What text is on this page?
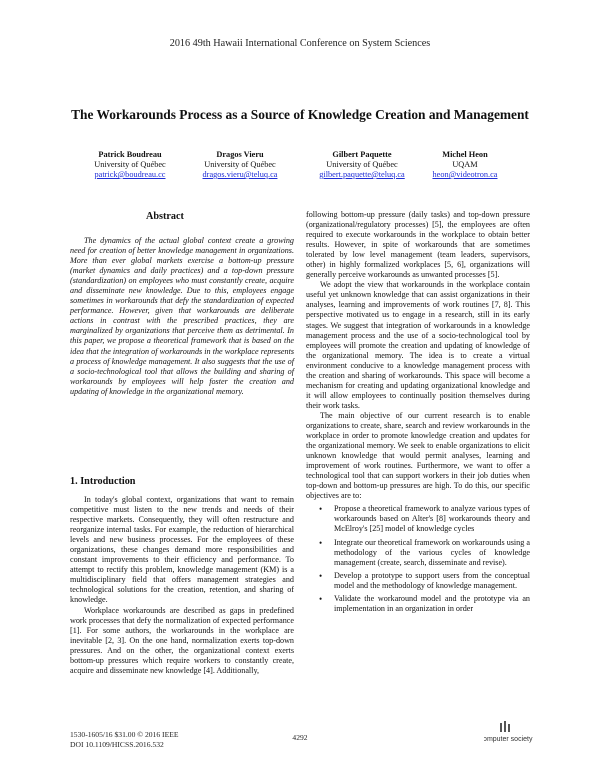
2016 49th Hawaii International Conference on System Sciences
The Workarounds Process as a Source of Knowledge Creation and Management
Patrick Boudreau
University of Québec
patrick@boudreau.cc
Dragos Vieru
University of Québec
dragos.vieru@teluq.ca
Gilbert Paquette
University of Québec
gilbert.paquette@teluq.ca
Michel Heon
UQAM
heon@videotron.ca
Abstract

The dynamics of the actual global context create a growing need for creation of better knowledge management in organizations. More than ever global markets exercise a bottom-up pressure (market dynamics and daily practices) and a top-down pressure (standardization) on employees who must constantly create, acquire and disseminate new knowledge. Due to this, employees engage sometimes in workarounds that defy the standardization of expected performance. However, given that workarounds are deliberate actions in contrast with the prescribed practices, they are marginalized by organizations that perceive them as detrimental. In this paper, we propose a theoretical framework that is based on the idea that the integration of workarounds in the workplace represents a process of knowledge management. It also suggests that the use of a socio-technological tool that allows the building and sharing of workarounds by employees will help foster the creation and updating of knowledge in the organizational memory.

1. Introduction

In today's global context, organizations that want to remain competitive must listen to the new trends and needs of their respective markets. Consequently, they will often restructure and reorganize internal tasks. For example, the reduction of hierarchical levels and new business processes. For the employees of these organizations, these changes demand more responsibilities and constant improvements to their efficiency and performance. To attempt to rectify this problem, knowledge management (KM) is a multidisciplinary field that offers management strategies and technological solutions for the creation, retention, and sharing of knowledge.

Workplace workarounds are described as gaps in predefined work processes that defy the normalization of expected performance [1]. For some authors, the workarounds in the workplace are inevitable [2, 3]. On the one hand, normalization exerts top-down pressures. And on the other, the organizational context exerts bottom-up pressures which require workers to constantly create, acquire and disseminate new knowledge [4]. Additionally,

following bottom-up pressure (daily tasks) and top-down pressure (organizational/regulatory processes) [5], the employees are often required to execute workarounds in the workplace to obtain better results. However, in spite of workarounds that are sometimes tolerated by low level management (team leaders, supervisors, other) in highly formalized workplaces [5, 6], organizations will generally perceive workarounds as unwanted processes [5].

We adopt the view that workarounds in the workplace contain useful yet unknown knowledge that can assist organizations in their analyses, learning and improvements of work routines [7, 8]. This perspective motivated us to engage in a research, still in its early stages. We suggest that integration of workarounds in a knowledge management process and the use of a socio-technological tool by employees will promote the creation and updating of knowledge of the organizational memory. The idea is to create a virtual environment conducive to a knowledge management process with the creation and sharing of workarounds. This space will become a mechanism for creating and updating organizational knowledge and it will allow employees to continually position themselves during their work tasks.

The main objective of our current research is to enable organizations to create, share, search and review workarounds in the workplace in order to promote knowledge creation and updates for the organizational memory. We seek to enable organizations to elicit unknown knowledge that would permit analyses, learning and improvement of work routines. Furthermore, we want to offer a technological tool that can support workers in their job duties when top-down and bottom-up pressures are high. To do this, our specific objectives are to:

• Propose a theoretical framework to analyze various types of workarounds based on Alter's [8] workarounds theory and McElroy's [25] model of knowledge cycles
• Integrate our theoretical framework on workarounds using a methodology of the various cycles of knowledge management (create, search, disseminate and revise).
• Develop a prototype to support users from the conceptual model and the methodology of knowledge management.
• Validate the workaround model and the prototype via an implementation in an organization in order
1530-1605/16 $31.00 © 2016 IEEE
DOI 10.1109/HICSS.2016.532
4292	computer society
